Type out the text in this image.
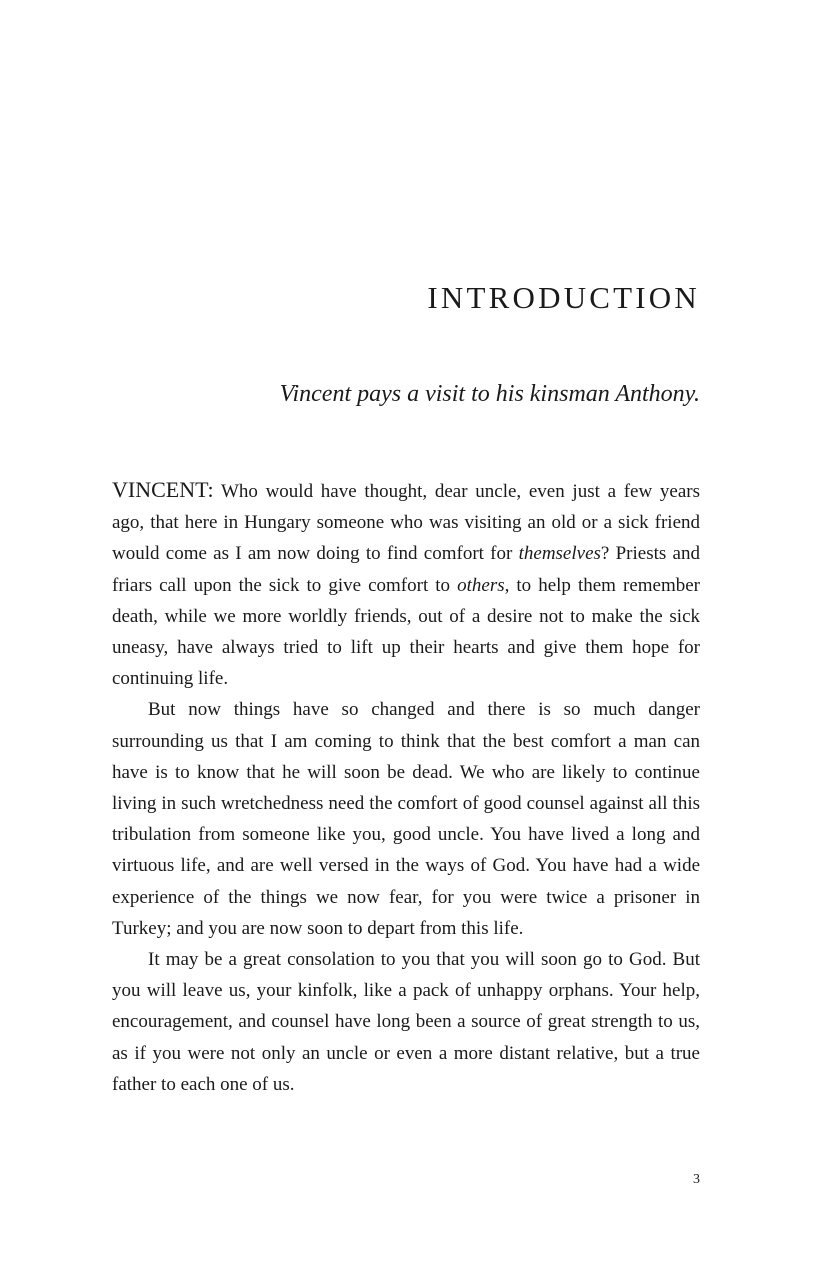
INTRODUCTION
Vincent pays a visit to his kinsman Anthony.

VINCENT: Who would have thought, dear uncle, even just a few years ago, that here in Hungary someone who was visiting an old or a sick friend would come as I am now doing to find comfort for themselves? Priests and friars call upon the sick to give comfort to others, to help them remember death, while we more worldly friends, out of a desire not to make the sick uneasy, have always tried to lift up their hearts and give them hope for continuing life.

But now things have so changed and there is so much danger surrounding us that I am coming to think that the best comfort a man can have is to know that he will soon be dead. We who are likely to continue living in such wretchedness need the comfort of good counsel against all this tribulation from someone like you, good uncle. You have lived a long and virtuous life, and are well versed in the ways of God. You have had a wide experience of the things we now fear, for you were twice a prisoner in Turkey; and you are now soon to depart from this life.

It may be a great consolation to you that you will soon go to God. But you will leave us, your kinfolk, like a pack of unhappy orphans. Your help, encouragement, and counsel have long been a source of great strength to us, as if you were not only an uncle or even a more distant relative, but a true father to each one of us.

3
